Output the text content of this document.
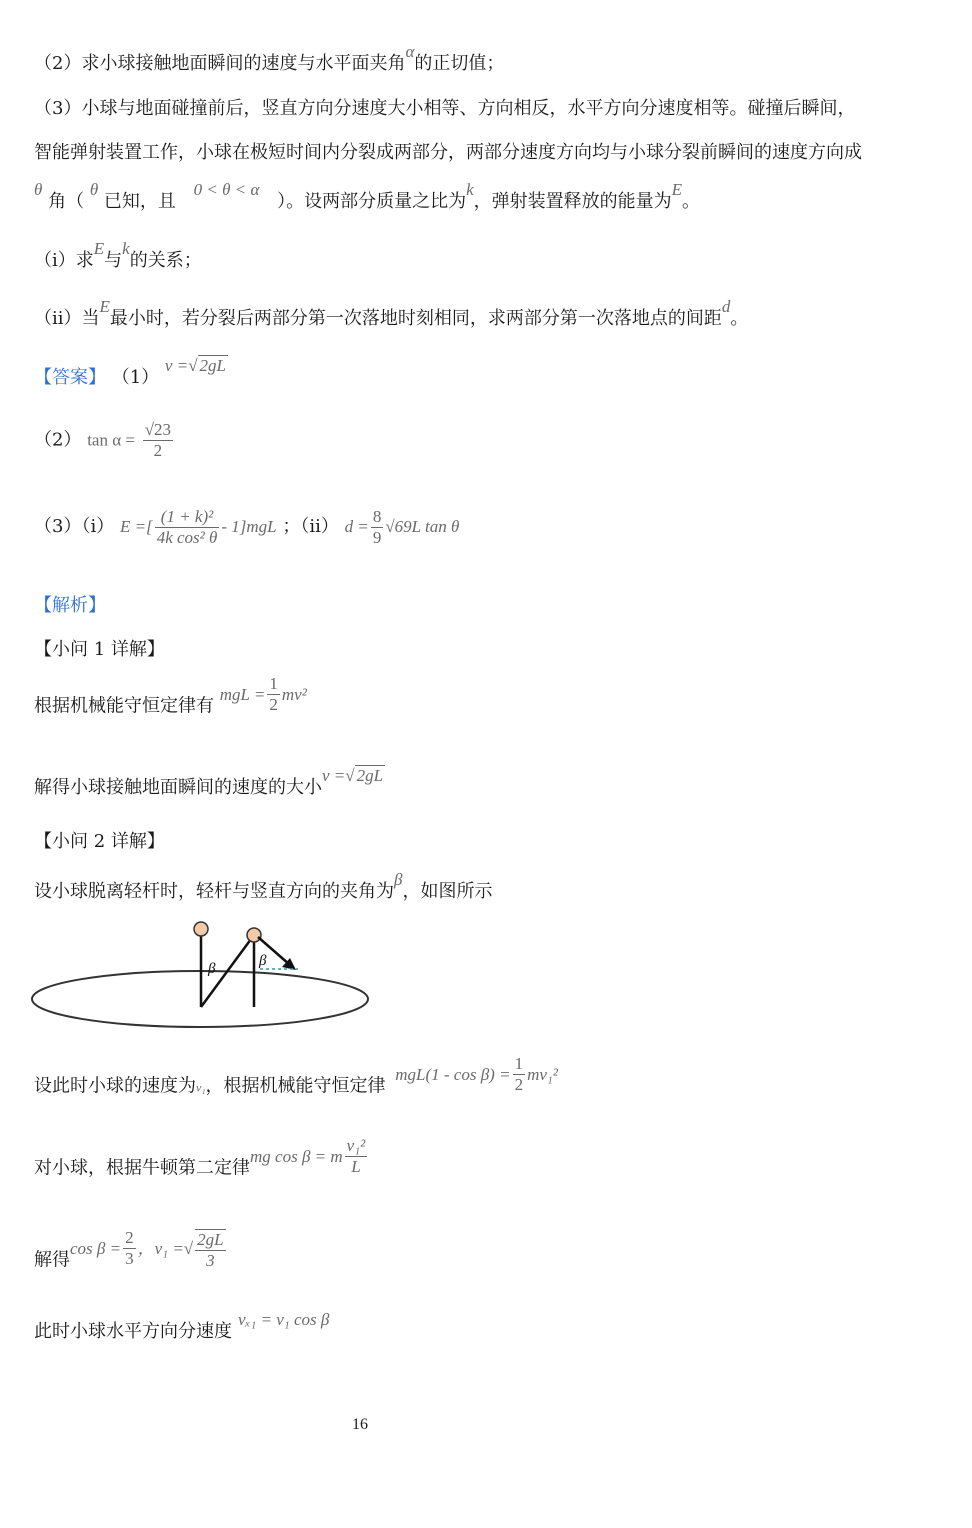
（2）求小球接触地面瞬间的速度与水平面夹角α的正切值；
（3）小球与地面碰撞前后，竖直方向分速度大小相等、方向相反，水平方向分速度相等。碰撞后瞬间，
智能弹射装置工作，小球在极短时间内分裂成两部分，两部分速度方向均与小球分裂前瞬间的速度方向成
θ 角（ θ 已知，且 0 < θ < α ）。设两部分质量之比为k，弹射装置释放的能量为E。
（i）求E与k的关系；
（ii）当E最小时，若分裂后两部分第一次落地时刻相同，求两部分第一次落地点的间距d。
【答案】 （1） v =√ 2gL
（2） $\tan \alpha = \frac{√23}{2}$
（3）（i） E =[ $\frac{\text{(1 + k)²}}{\text{4k cos² θ}} - 1]mgL$ ；（ii） $d = \frac{8}{9} √69L$ tan θ
【解析】
【小问 1 详解】
根据机械能守恒定律有 mgL = $\frac{1}{2} mv^2$
解得小球接触地面瞬间的速度的大小v =√ 2gL
【小问 2 详解】
设小球脱离轻杆时，轻杆与竖直方向的夹角为β，如图所示
β	β
设此时小球的速度为v₁，根据机械能守恒定律 $mgL(1 - \cos \beta) = \frac{1}{2} mv_1^2$
对小球，根据牛顿第二定律mg cos β = m $\frac{\text{v₁²}}{L}$
解得$\cos \beta = \frac{2}{3}$ ，v₁ =√ $\frac{2gL}{3}$
此时小球水平方向分速度vₓ₁ = v₁ cos β
16
